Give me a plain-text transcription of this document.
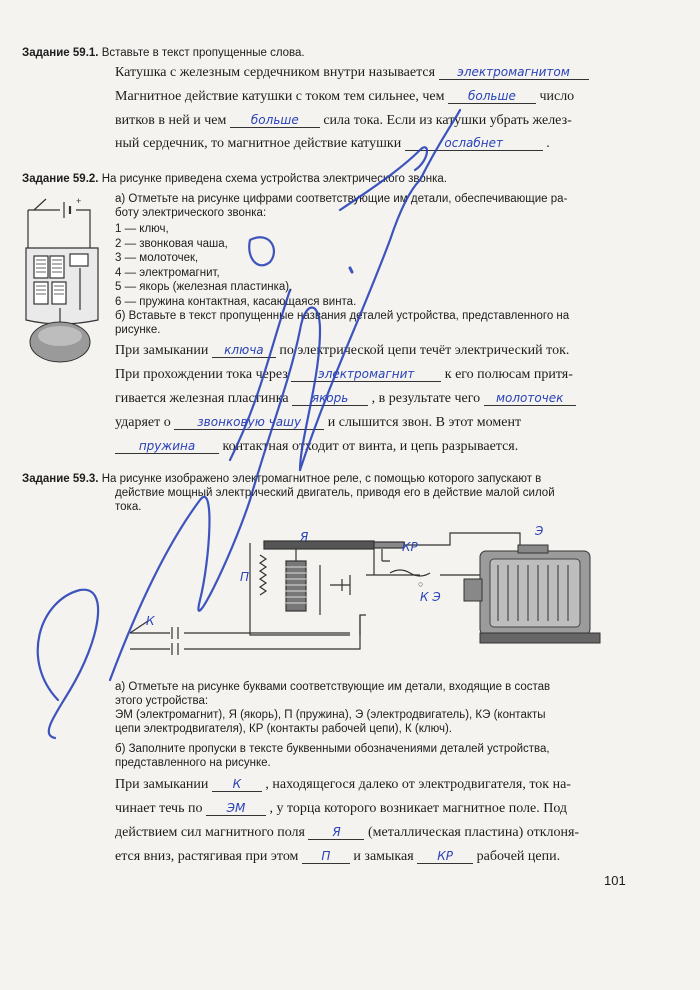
Задание 59.1. Вставьте в текст пропущенные слова.
Катушка с железным сердечником внутри называется электромагнитом
Магнитное действие катушки с током тем сильнее, чем больше число
витков в ней и чем больше сила тока. Если из катушки убрать желез-
ный сердечник, то магнитное действие катушки	ослабнет	.
Задание 59.2. На рисунке приведена схема устройства электрического звонка.
+	а) Отметьте на рисунке цифрами соответствующие им детали, обеспечивающие ра-
боту электрического звонка:
1 — ключ,
2 — звонковая чаша,
3 — молоточек,
4 — электромагнит,
5 — якорь (железная пластинка),
6 — пружина контактная, касающаяся винта.
б) Вставьте в текст пропущенные названия деталей устройства, представленного на
рисунке.
При замыкании ключа по электрической цепи течёт электрический ток.
При прохождении тока через	электромагнит к его полюсам притя-
гивается железная пластинка якорь , в результате чего молоточек
ударяет о звонковую чашу и слышится звон. В этот момент
пружина контактная отходит от винта, и цепь разрывается.
Задание 59.3. На рисунке изображено электромагнитное реле, с помощью которого запускают в
действие мощный электрический двигатель, приводя его в действие малой силой
тока.
○
Я
КР
Э
П
К Э
К
а) Отметьте на рисунке буквами соответствующие им детали, входящие в состав
этого устройства:
ЭМ (электромагнит), Я (якорь), П (пружина), Э (электродвигатель), КЭ (контакты
цепи электродвигателя), КР (контакты рабочей цепи), К (ключ).
б) Заполните пропуски в тексте буквенными обозначениями деталей устройства,
представленного на рисунке.
При замыкании К , находящегося далеко от электродвигателя, ток на-
чинает течь по ЭМ , у торца которого возникает магнитное поле. Под
действием сил магнитного поля Я (металлическая пластина) отклоня-
ется вниз, растягивая при этом П и замыкая КР рабочей цепи.
101
